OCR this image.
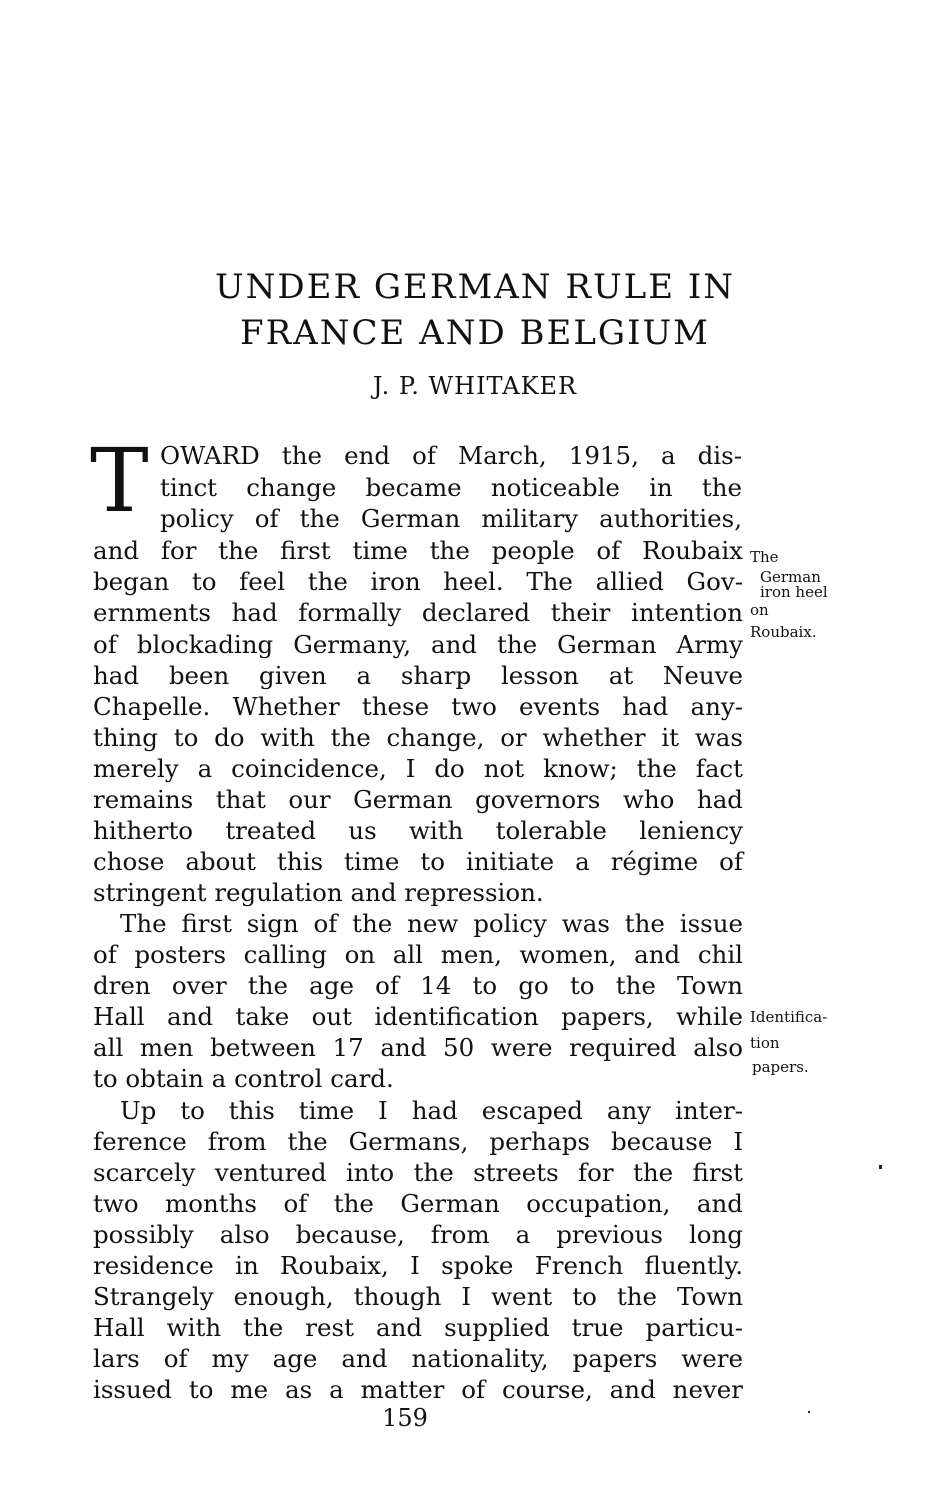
UNDER GERMAN RULE IN
FRANCE AND BELGIUM
J. P. WHITAKER
T OWARD the end of March, 1915, a dis-
tinct change became noticeable in the
policy of the German military authorities,
and for the first time the people of Roubaix
began to feel the iron heel. The allied Gov-
ernments had formally declared their intention
of blockading Germany, and the German Army
had been given a sharp lesson at Neuve
Chapelle. Whether these two events had any-
thing to do with the change, or whether it was
merely a coincidence, I do not know; the fact
remains that our German governors who had
hitherto treated us with tolerable leniency
chose about this time to initiate a régime of
stringent regulation and repression.
The first sign of the new policy was the issue
of posters calling on all men, women, and chil
dren over the age of 14 to go to the Town
Hall and take out identification papers, while
all men between 17 and 50 were required also
to obtain a control card.
Up to this time I had escaped any inter-
ference from the Germans, perhaps because I
scarcely ventured into the streets for the first
two months of the German occupation, and
possibly also because, from a previous long
residence in Roubaix, I spoke French fluently.
Strangely enough, though I went to the Town
Hall with the rest and supplied true particu-
lars of my age and nationality, papers were
issued to me as a matter of course, and never
The
German
iron heel
on
Roubaix.
Identifica-
tion
papers.
159
